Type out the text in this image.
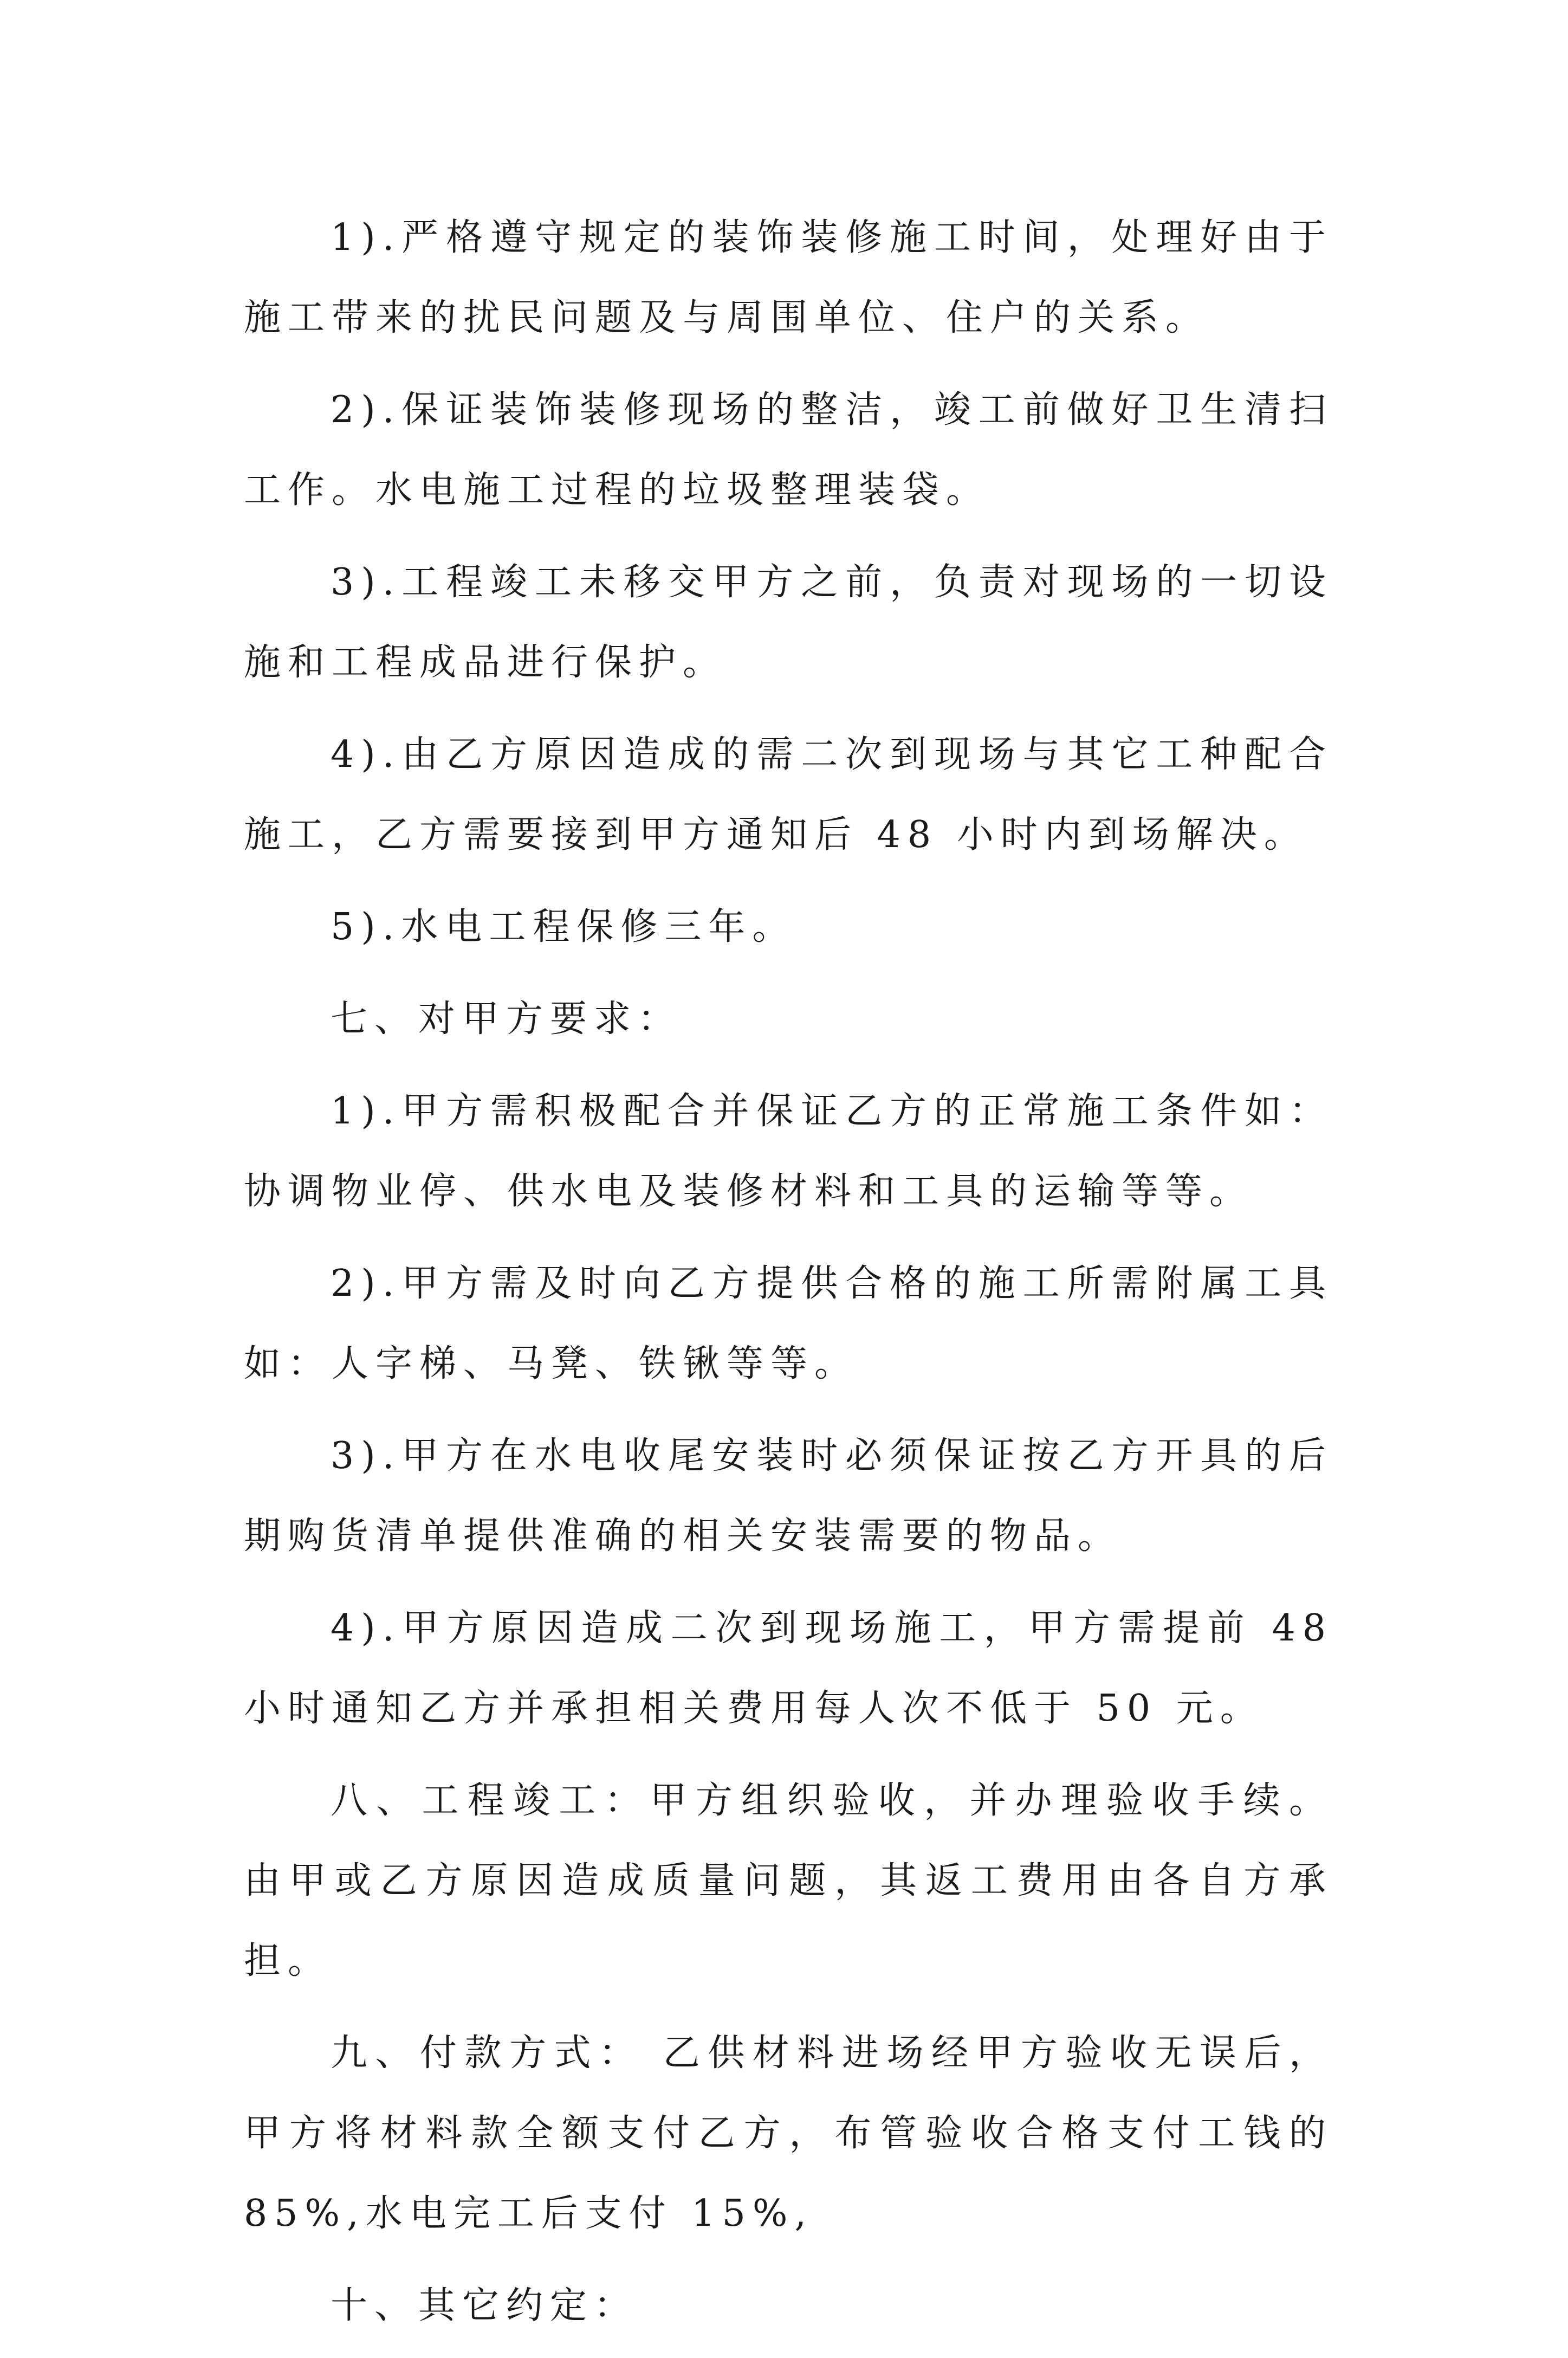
1).严格遵守规定的装饰装修施工时间，处理好由于施工带来的扰民问题及与周围单位、住户的关系。

2).保证装饰装修现场的整洁，竣工前做好卫生清扫工作。水电施工过程的垃圾整理装袋。

3).工程竣工未移交甲方之前，负责对现场的一切设施和工程成品进行保护。

4).由乙方原因造成的需二次到现场与其它工种配合施工，乙方需要接到甲方通知后 48 小时内到场解决。

5).水电工程保修三年。

七、对甲方要求：

1).甲方需积极配合并保证乙方的正常施工条件如：协调物业停、供水电及装修材料和工具的运输等等。

2).甲方需及时向乙方提供合格的施工所需附属工具如：人字梯、马凳、铁锹等等。

3).甲方在水电收尾安装时必须保证按乙方开具的后期购货清单提供准确的相关安装需要的物品。

4).甲方原因造成二次到现场施工，甲方需提前 48 小时通知乙方并承担相关费用每人次不低于 50 元。

八、工程竣工：甲方组织验收，并办理验收手续。由甲或乙方原因造成质量问题，其返工费用由各自方承担。

九、付款方式： 乙供材料进场经甲方验收无误后，甲方将材料款全额支付乙方，布管验收合格支付工钱的 85%,水电完工后支付 15%,

十、其它约定：
